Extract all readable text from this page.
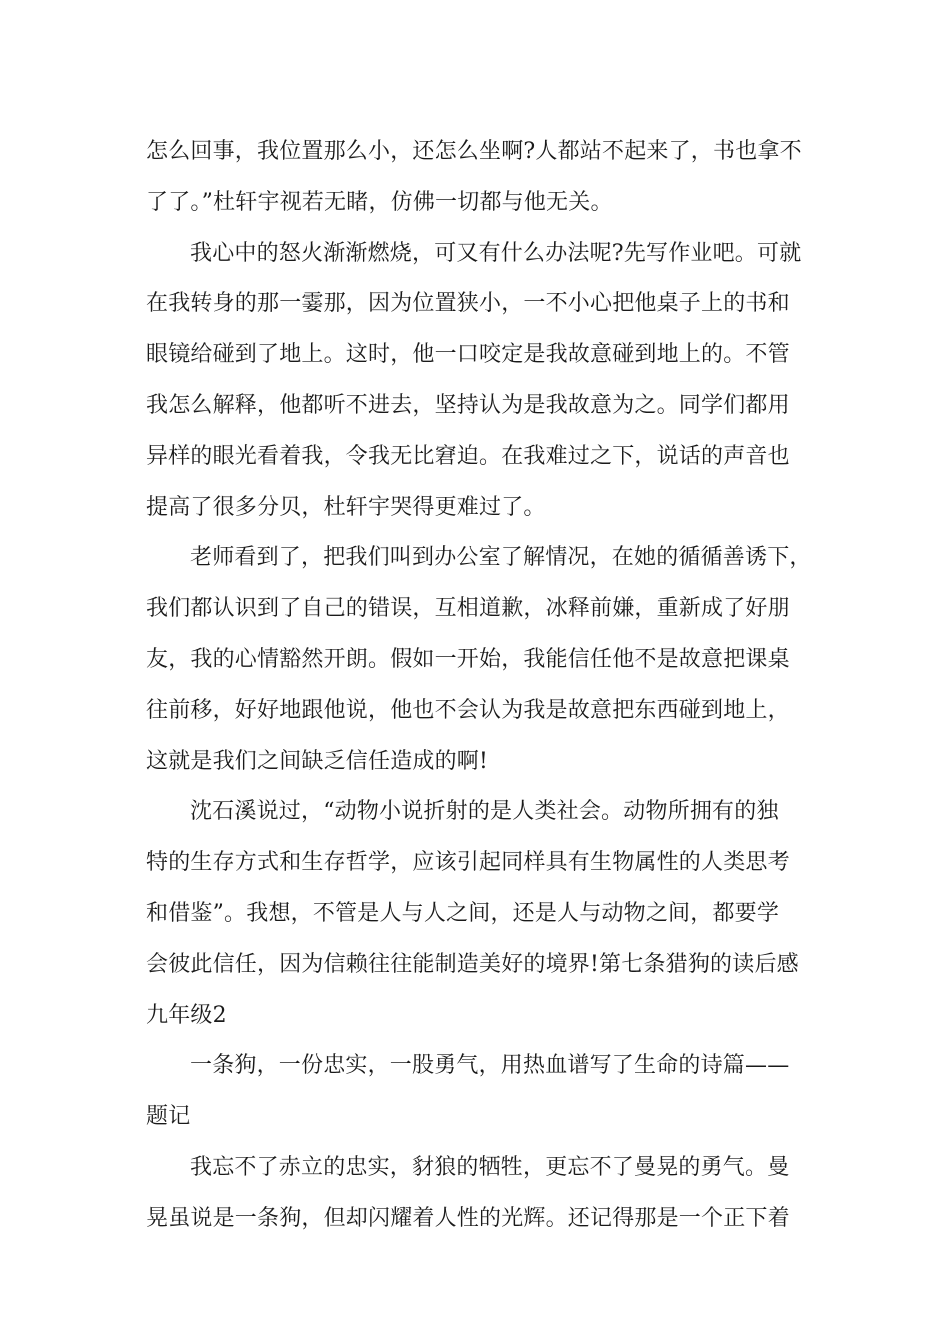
怎么回事，我位置那么小，还怎么坐啊?人都站不起来了，书也拿不
了了。”杜轩宇视若无睹，仿佛一切都与他无关。
我心中的怒火渐渐燃烧，可又有什么办法呢?先写作业吧。可就
在我转身的那一霎那，因为位置狭小，一不小心把他桌子上的书和
眼镜给碰到了地上。这时，他一口咬定是我故意碰到地上的。不管
我怎么解释，他都听不进去，坚持认为是我故意为之。同学们都用
异样的眼光看着我，令我无比窘迫。在我难过之下，说话的声音也
提高了很多分贝，杜轩宇哭得更难过了。
老师看到了，把我们叫到办公室了解情况，在她的循循善诱下，
我们都认识到了自己的错误，互相道歉，冰释前嫌，重新成了好朋
友，我的心情豁然开朗。假如一开始，我能信任他不是故意把课桌
往前移，好好地跟他说，他也不会认为我是故意把东西碰到地上，
这就是我们之间缺乏信任造成的啊!
沈石溪说过，“动物小说折射的是人类社会。动物所拥有的独
特的生存方式和生存哲学，应该引起同样具有生物属性的人类思考
和借鉴”。我想，不管是人与人之间，还是人与动物之间，都要学
会彼此信任，因为信赖往往能制造美好的境界!第七条猎狗的读后感
九年级2
一条狗，一份忠实，一股勇气，用热血谱写了生命的诗篇——
题记
我忘不了赤立的忠实，豺狼的牺牲，更忘不了曼晃的勇气。曼
晃虽说是一条狗，但却闪耀着人性的光辉。还记得那是一个正下着
